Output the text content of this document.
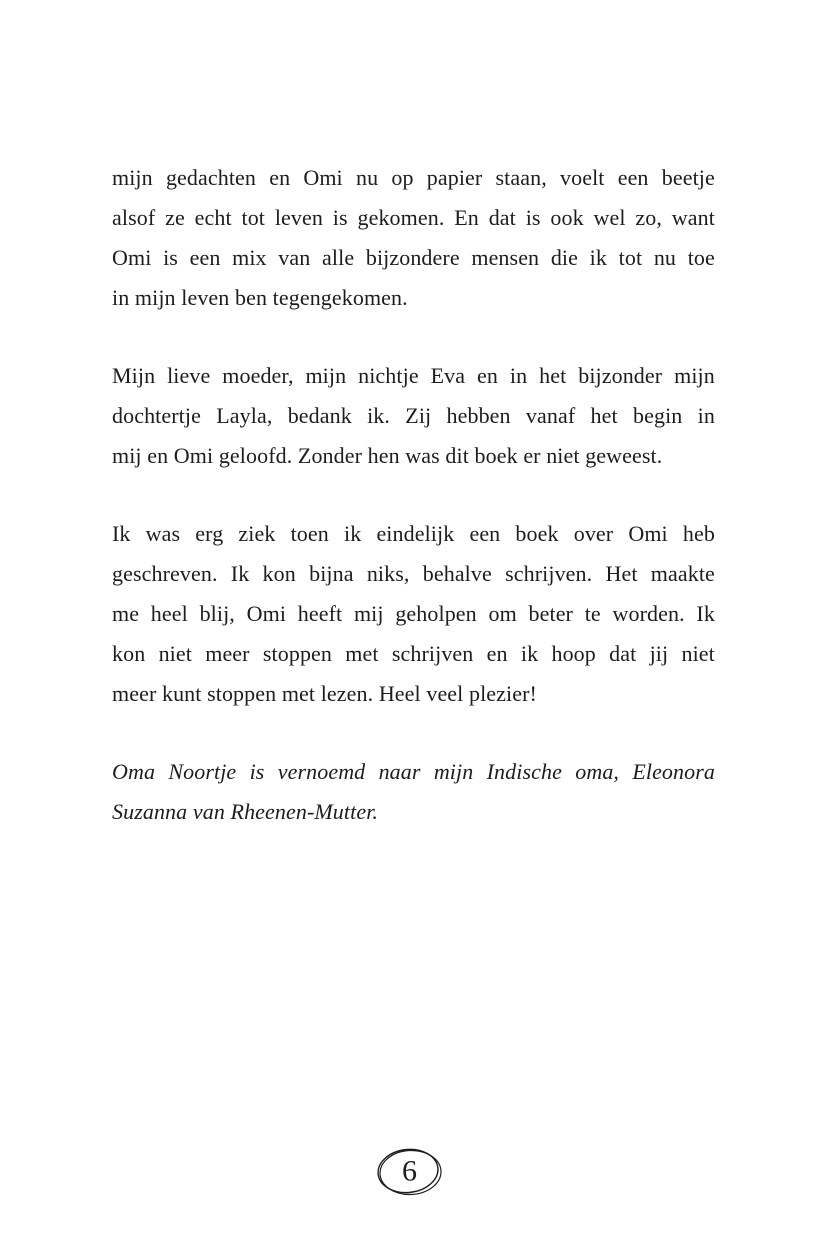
mijn gedachten en Omi nu op papier staan, voelt een beetje
alsof ze echt tot leven is gekomen. En dat is ook wel zo, want
Omi is een mix van alle bijzondere mensen die ik tot nu toe
in mijn leven ben tegengekomen.
Mijn lieve moeder, mijn nichtje Eva en in het bijzonder mijn
dochtertje Layla, bedank ik. Zij hebben vanaf het begin in
mij en Omi geloofd. Zonder hen was dit boek er niet geweest.
Ik was erg ziek toen ik eindelijk een boek over Omi heb
geschreven. Ik kon bijna niks, behalve schrijven. Het maakte
me heel blij, Omi heeft mij geholpen om beter te worden. Ik
kon niet meer stoppen met schrijven en ik hoop dat jij niet
meer kunt stoppen met lezen. Heel veel plezier!
Oma Noortje is vernoemd naar mijn Indische oma, Eleonora
Suzanna van Rheenen-Mutter.
6
